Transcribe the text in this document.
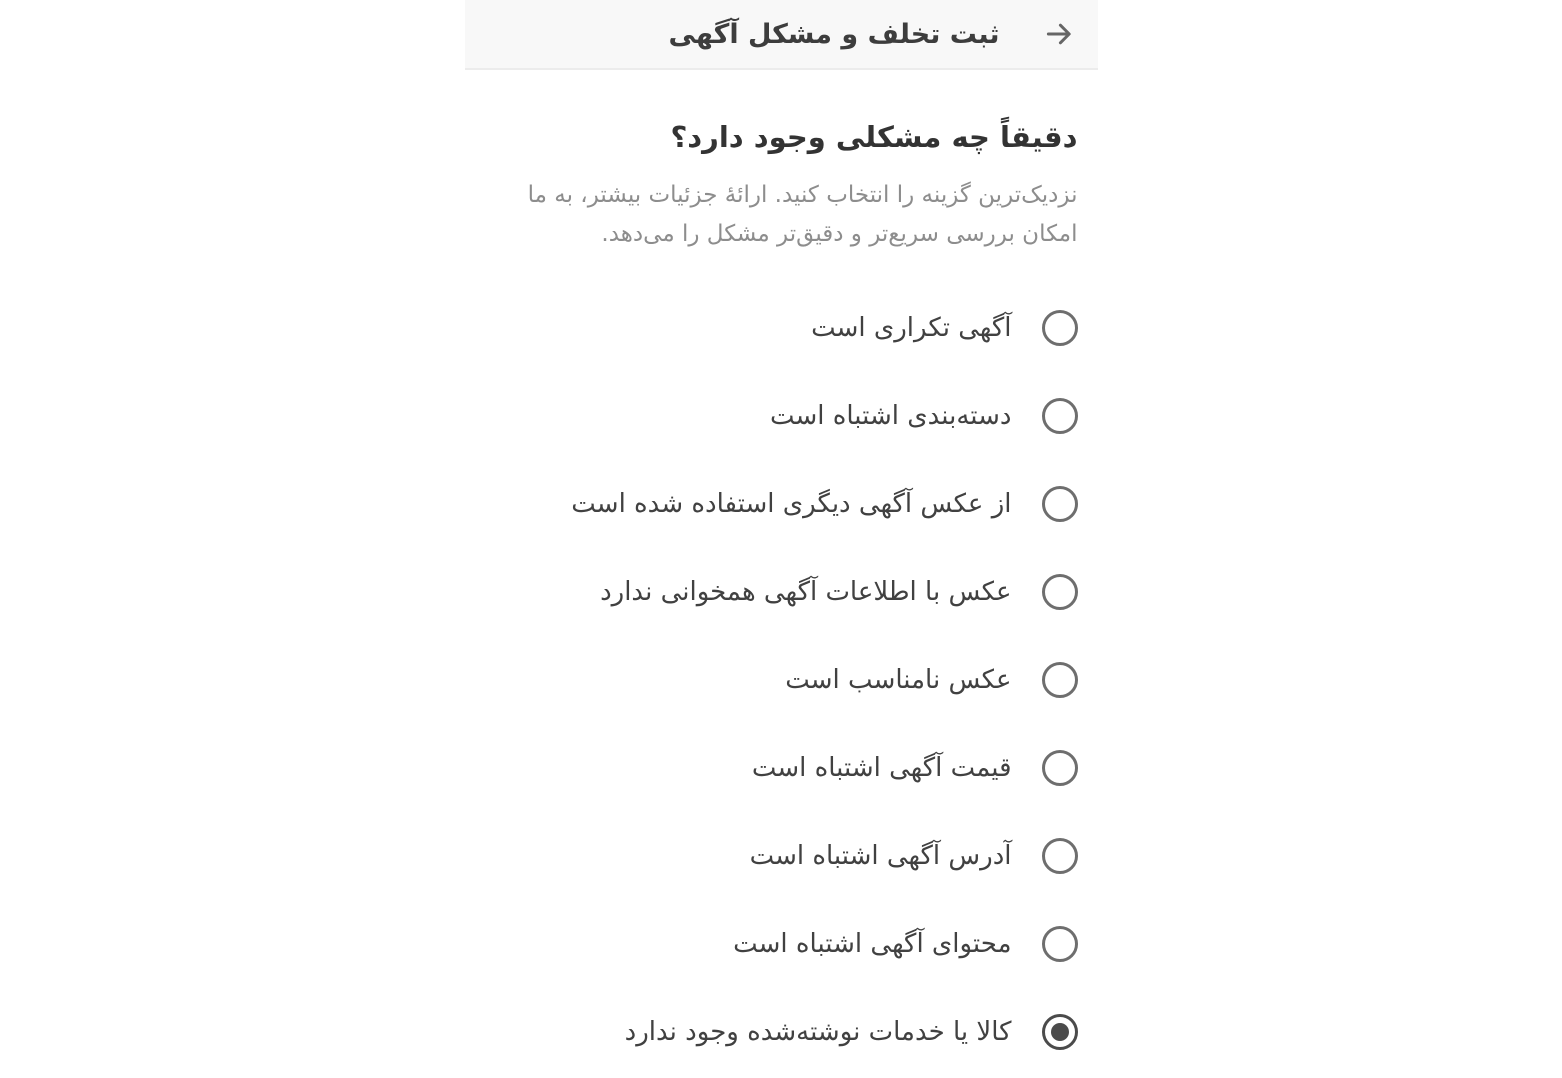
ثبت تخلف و مشکل آگهی
دقیقاً چه مشکلی وجود دارد؟

نزدیک‌ترین گزینه را انتخاب کنید. ارائهٔ جزئیات بیشتر، به ما
امکان بررسی سریع‌تر و دقیق‌تر مشکل را می‌دهد.

آگهی تکراری است
دسته‌بندی اشتباه است
از عکس آگهی دیگری استفاده شده است
عکس با اطلاعات آگهی همخوانی ندارد
عکس نامناسب است
قیمت آگهی اشتباه است
آدرس آگهی اشتباه است
محتوای آگهی اشتباه است
کالا یا خدمات نوشته‌شده وجود ندارد
